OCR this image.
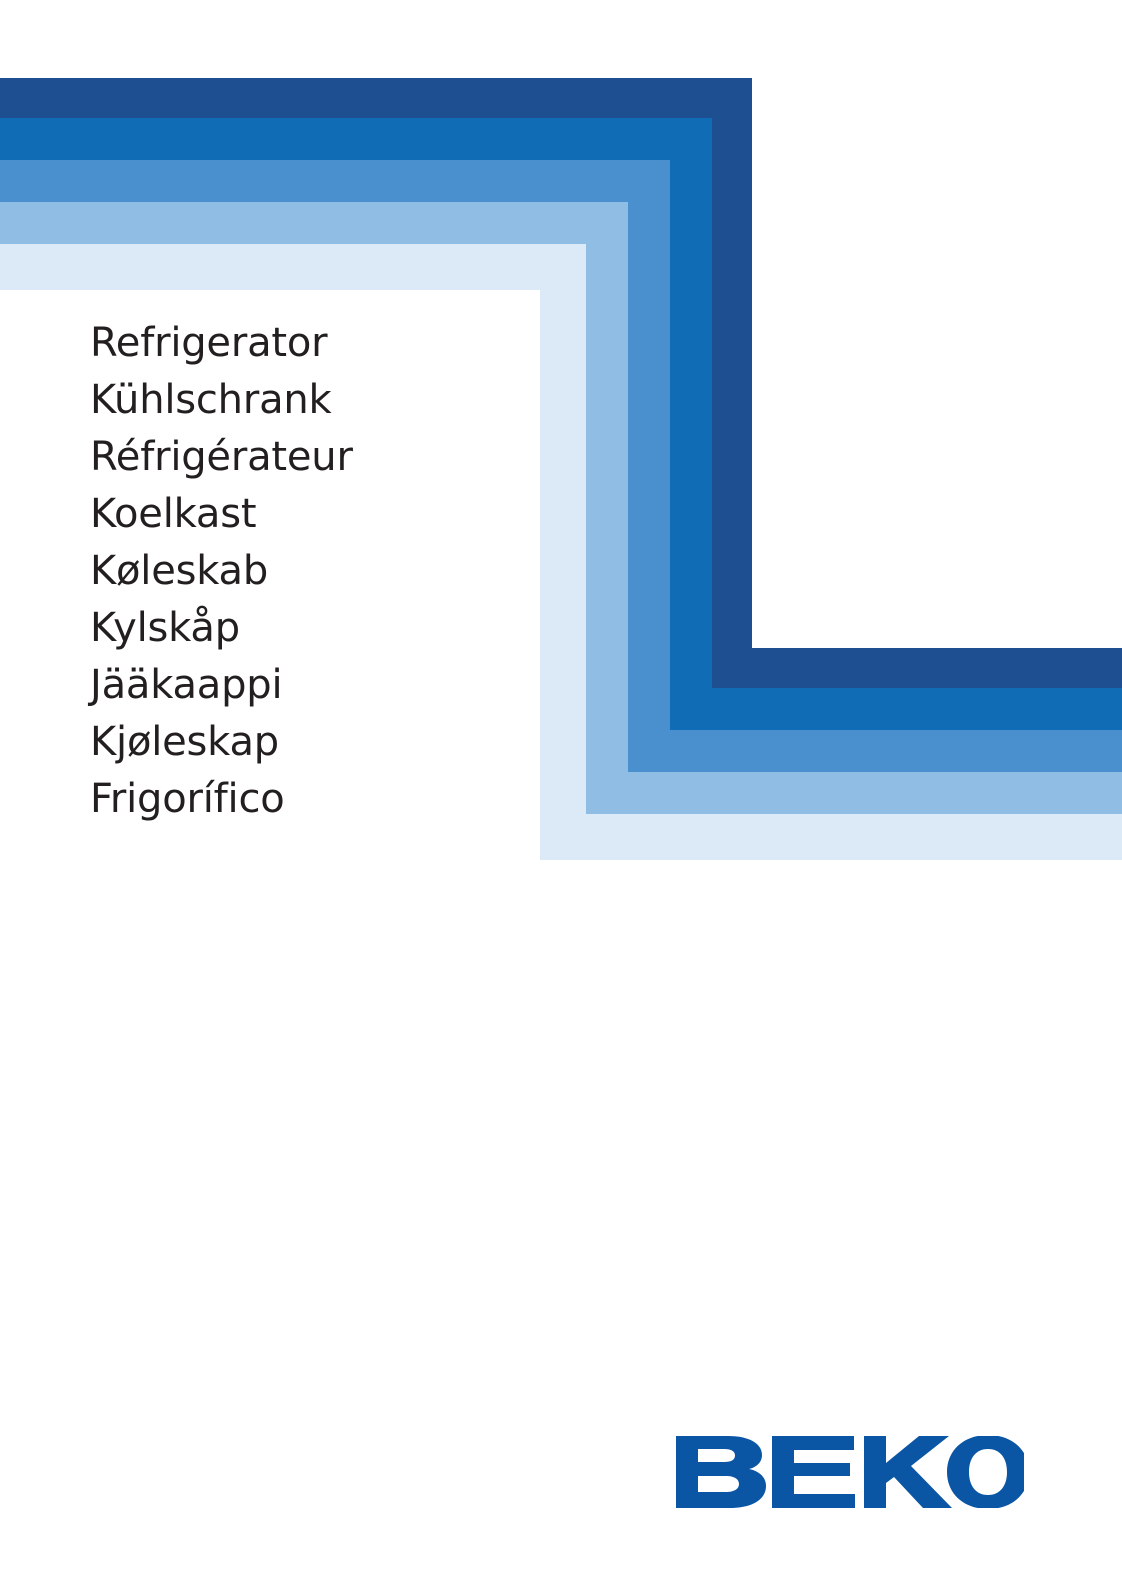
Refrigerator
Kühlschrank
Réfrigérateur
Koelkast
Køleskab
Kylskåp
Jääkaappi
Kjøleskap
Frigorífico
